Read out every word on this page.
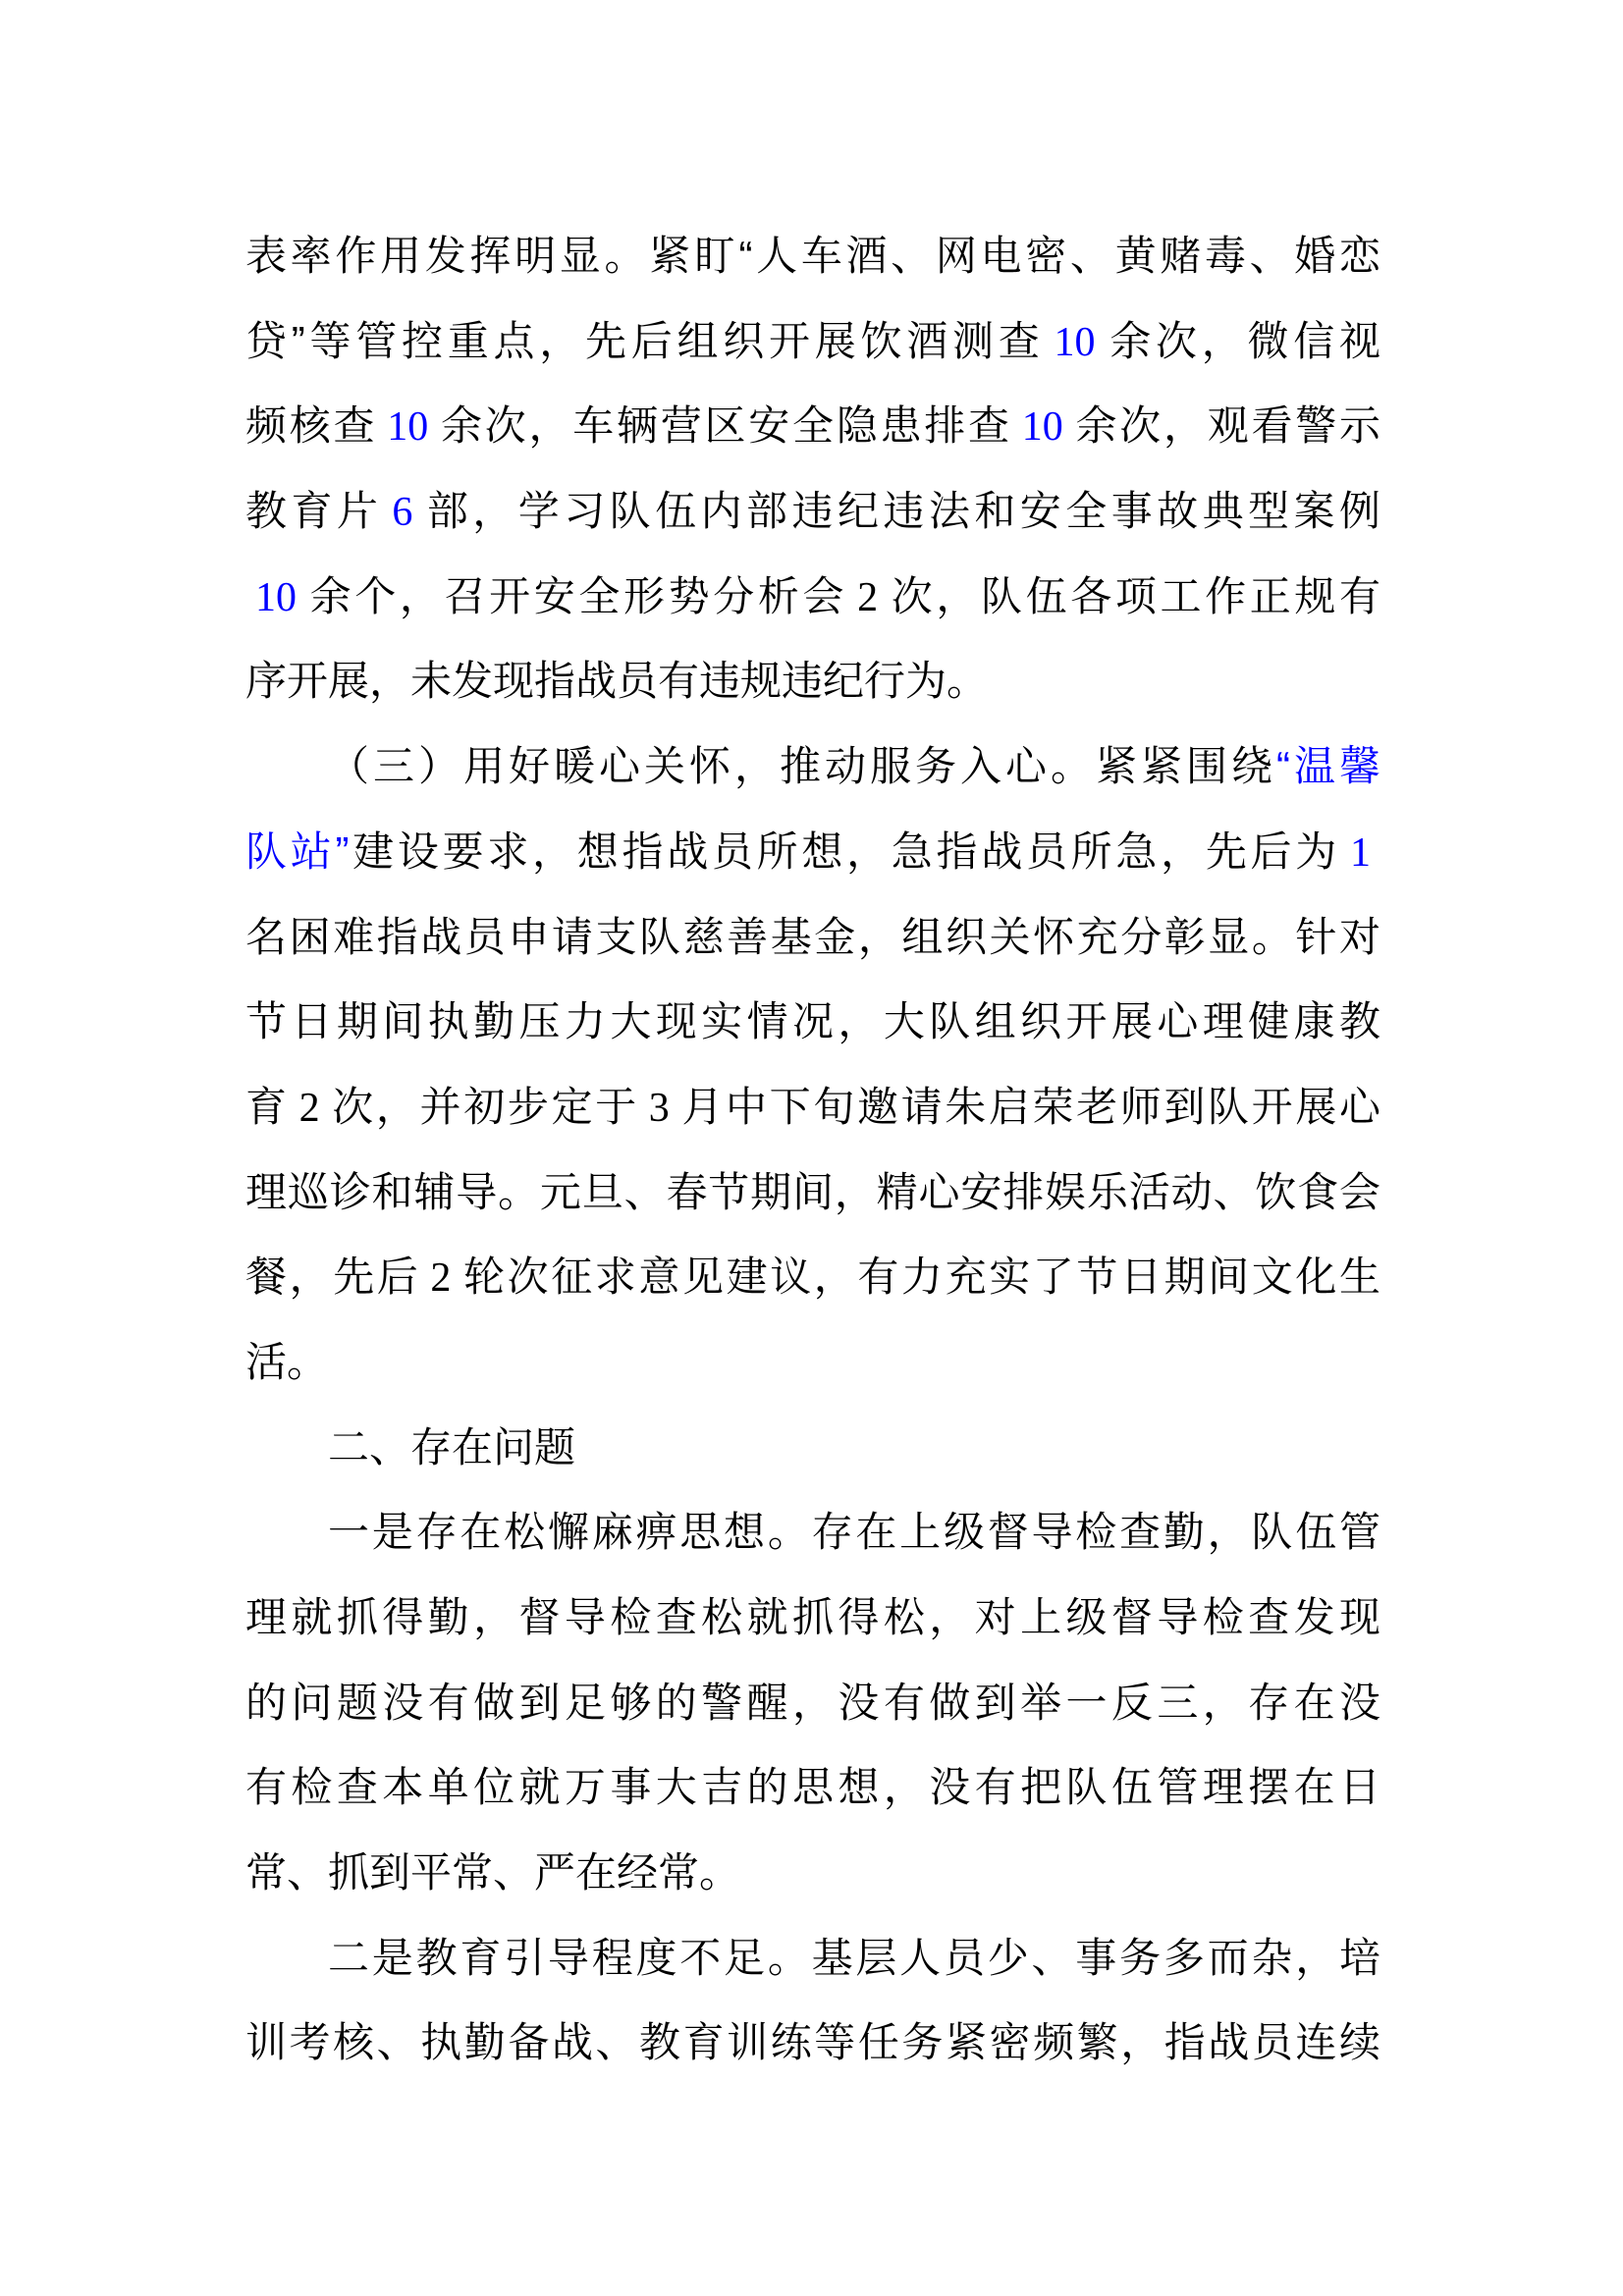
表率作用发挥明显。紧盯“人车酒、网电密、黄赌毒、婚恋
贷”等管控重点，先后组织开展饮酒测查 10 余次，微信视
频核查 10 余次，车辆营区安全隐患排查 10 余次，观看警示
教育片 6 部，学习队伍内部违纪违法和安全事故典型案例
10 余个，召开安全形势分析会 2 次，队伍各项工作正规有
序开展，未发现指战员有违规违纪行为。
（三）用好暖心关怀，推动服务入心。紧紧围绕“温馨
队站”建设要求，想指战员所想，急指战员所急，先后为 1
名困难指战员申请支队慈善基金，组织关怀充分彰显。针对
节日期间执勤压力大现实情况，大队组织开展心理健康教
育 2 次，并初步定于 3 月中下旬邀请朱启荣老师到队开展心
理巡诊和辅导。元旦、春节期间，精心安排娱乐活动、饮食会
餐，先后 2 轮次征求意见建议，有力充实了节日期间文化生
活。
二、存在问题
一是存在松懈麻痹思想。存在上级督导检查勤，队伍管
理就抓得勤，督导检查松就抓得松，对上级督导检查发现
的问题没有做到足够的警醒，没有做到举一反三，存在没
有检查本单位就万事大吉的思想，没有把队伍管理摆在日
常、抓到平常、严在经常。
二是教育引导程度不足。基层人员少、事务多而杂，培
训考核、执勤备战、教育训练等任务紧密频繁，指战员连续
